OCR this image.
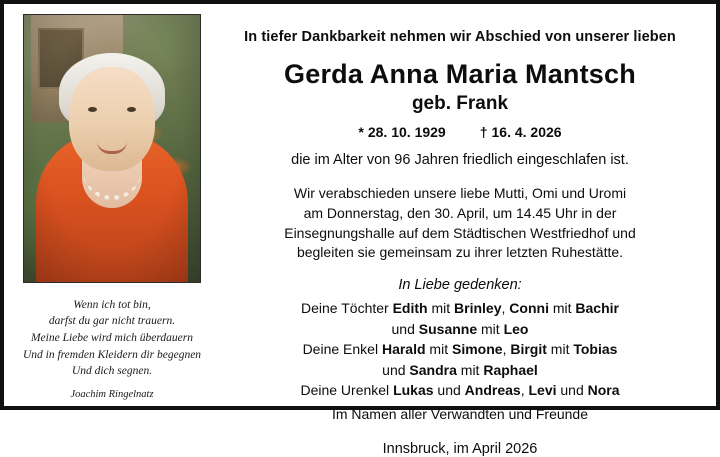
Wenn ich tot bin,
darfst du gar nicht trauern.
Meine Liebe wird mich überdauern
Und in fremden Kleidern dir begegnen
Und dich segnen.
Joachim Ringelnatz
In tiefer Dankbarkeit nehmen wir Abschied von unserer lieben
Gerda Anna Maria Mantsch
geb. Frank
* 28. 10. 1929 † 16. 4. 2026
die im Alter von 96 Jahren friedlich eingeschlafen ist.
Wir verabschieden unsere liebe Mutti, Omi und Uromi
am Donnerstag, den 30. April, um 14.45 Uhr in der
Einsegnungshalle auf dem Städtischen Westfriedhof und
begleiten sie gemeinsam zu ihrer letzten Ruhestätte.
In Liebe gedenken:
Deine Töchter Edith mit Brinley, Conni mit Bachir
und Susanne mit Leo
Deine Enkel Harald mit Simone, Birgit mit Tobias
und Sandra mit Raphael
Deine Urenkel Lukas und Andreas, Levi und Nora
Im Namen aller Verwandten und Freunde
Innsbruck, im April 2026
